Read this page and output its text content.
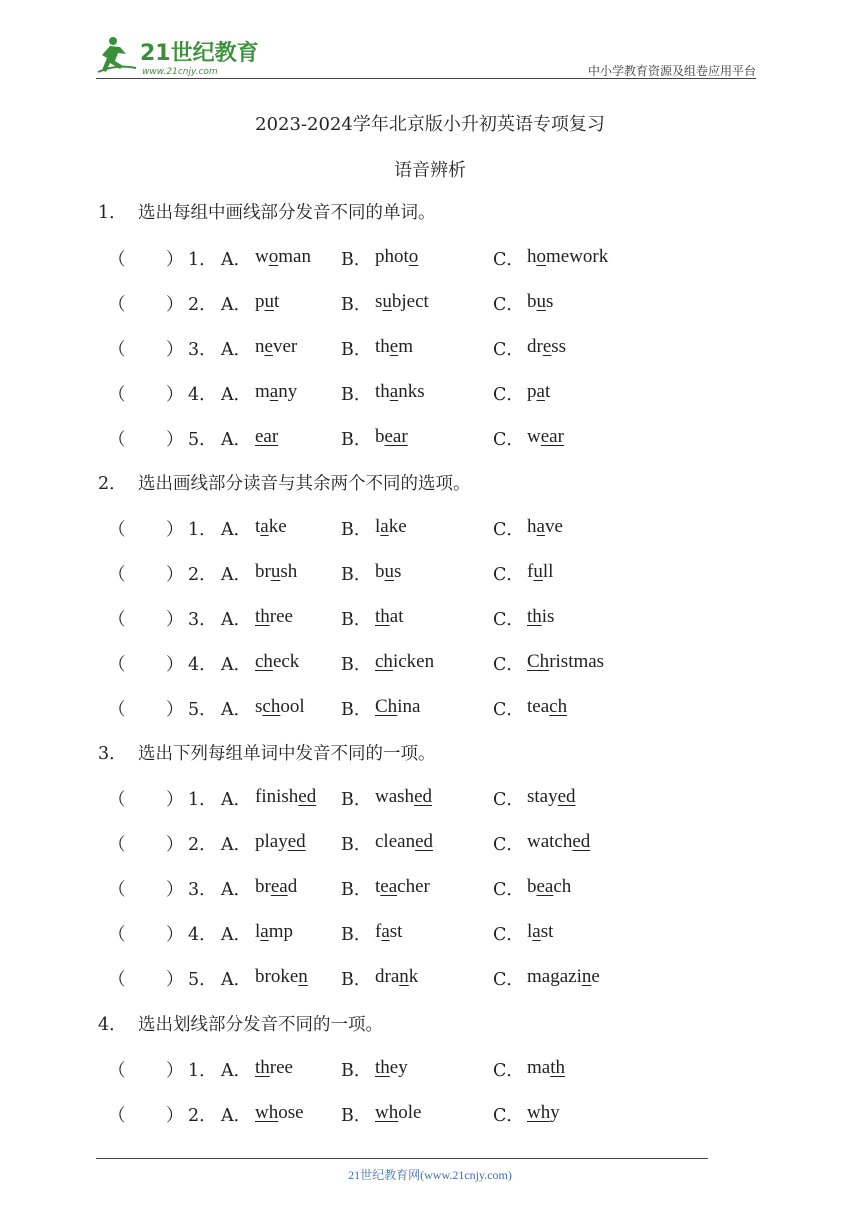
21世纪教育
www.21cnjy.com	中小学教育资源及组卷应用平台
2023-2024学年北京版小升初英语专项复习
语音辨析
1． 选出每组中画线部分发音不同的单词。
（ ） 1． A． woman B． photo	C． homework
（ ） 2． A． put	B． subject	C． bus
（ ） 3． A． never	B． them	C． dress
（ ） 4． A． many	B． thanks	C． pat
（ ） 5． A． ear	B． bear	C． wear
2． 选出画线部分读音与其余两个不同的选项。
（ ） 1． A． take	B． lake	C． have
（ ） 2． A． brush	B． bus	C． full
（ ） 3． A． three	B． that	C． this
（ ） 4． A． check B． chicken	C． Christmas
（ ） 5． A． school B． China	C． teach
3． 选出下列每组单词中发音不同的一项。
（ ） 1． A． finished B． washed	C． stayed
（ ） 2． A． played B． cleaned	C． watched
（ ） 3． A． bread	B． teacher	C． beach
（ ） 4． A． lamp	B． fast	C． last
（ ） 5． A． broken B． drank	C． magazine
4． 选出划线部分发音不同的一项。
（ ） 1． A． three	B． they	C． math
（ ） 2． A． whose B． whole	C． why
21世纪教育网(www.21cnjy.com)
